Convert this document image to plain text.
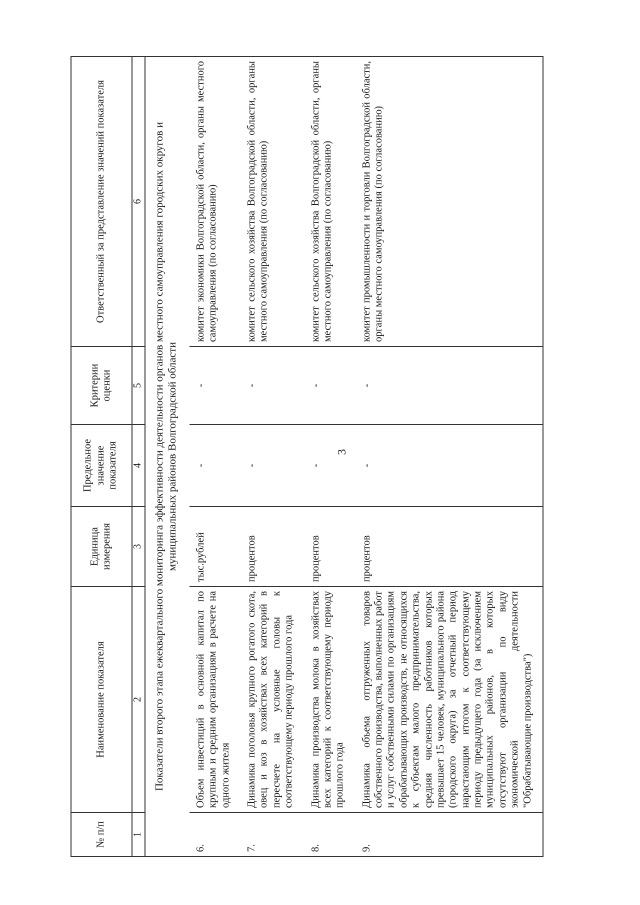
3
№ п/п	Наименование показателя	Единица измерения	Предельное значение показателя	Критерии оценки	Ответственный за представление значений показателя
1	2	3	4	5	6
Показатели второго этапа ежеквартального мониторинга эффективности деятельности органов местного самоуправления городских округов и муниципальных районов Волгоградской области					
6.	Объем инвестиций в основной капитал по крупным и средним организациям в расчете на одного жителя	тыс.рублей	-	-	комитет экономики Волгоградской области, органы местного самоуправления (по согласованию)
7.	Динамика поголовья крупного рогатого скота, овец и коз в хозяйствах всех категорий в пересчете на условные головы к соответствующему периоду прошлого года	процентов	-	-	комитет сельского хозяйства Волгоградской области, органы местного самоуправления (по согласованию)
8.	Динамика производства молока в хозяйствах всех категорий к соответствующему периоду прошлого года	процентов	-	-	комитет сельского хозяйства Волгоградской области, органы местного самоуправления (по согласованию)
9.	Динамика объема отгруженных товаров собственного производства, выполненных работ и услуг собственными силами по организациям обрабатывающих производств, не относящихся к субъектам малого предпринимательства, средняя численность работников которых превышает 15 человек, муниципального района (городского округа) за отчетный период нарастающим итогом к соответствующему периоду предыдущего года (за исключением муниципальных районов, в которых отсутствуют организации по виду экономической деятельности "Обрабатывающие производства")	процентов	-	-	комитет промышленности и торговли Волгоградской области, органы местного самоуправления (по согласованию)
